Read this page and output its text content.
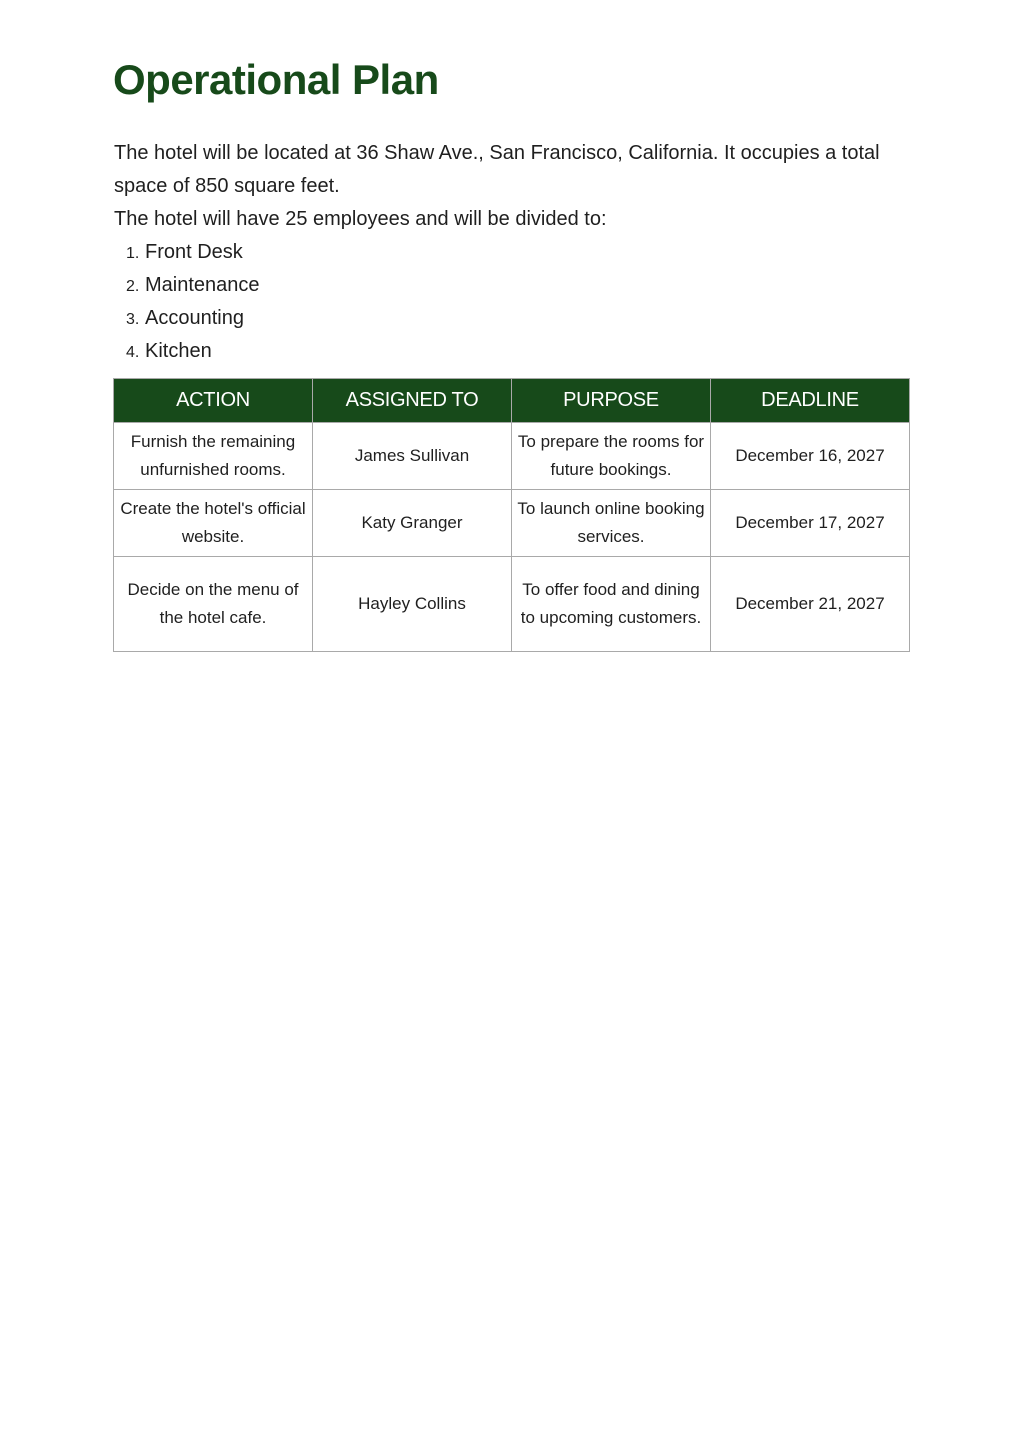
Operational Plan

The hotel will be located at 36 Shaw Ave., San Francisco, California. It occupies a total space of 850 square feet.

The hotel will have 25 employees and will be divided to:

1. Front Desk
2. Maintenance
3. Accounting
4. Kitchen
ACTION	ASSIGNED TO	PURPOSE	DEADLINE
Furnish the remaining unfurnished rooms.	James Sullivan	To prepare the rooms for future bookings.	December 16, 2027
Create the hotel's official website.	Katy Granger	To launch online booking services.	December 17, 2027
Decide on the menu of the hotel cafe.	Hayley Collins	To offer food and dining to upcoming customers.	December 21, 2027
